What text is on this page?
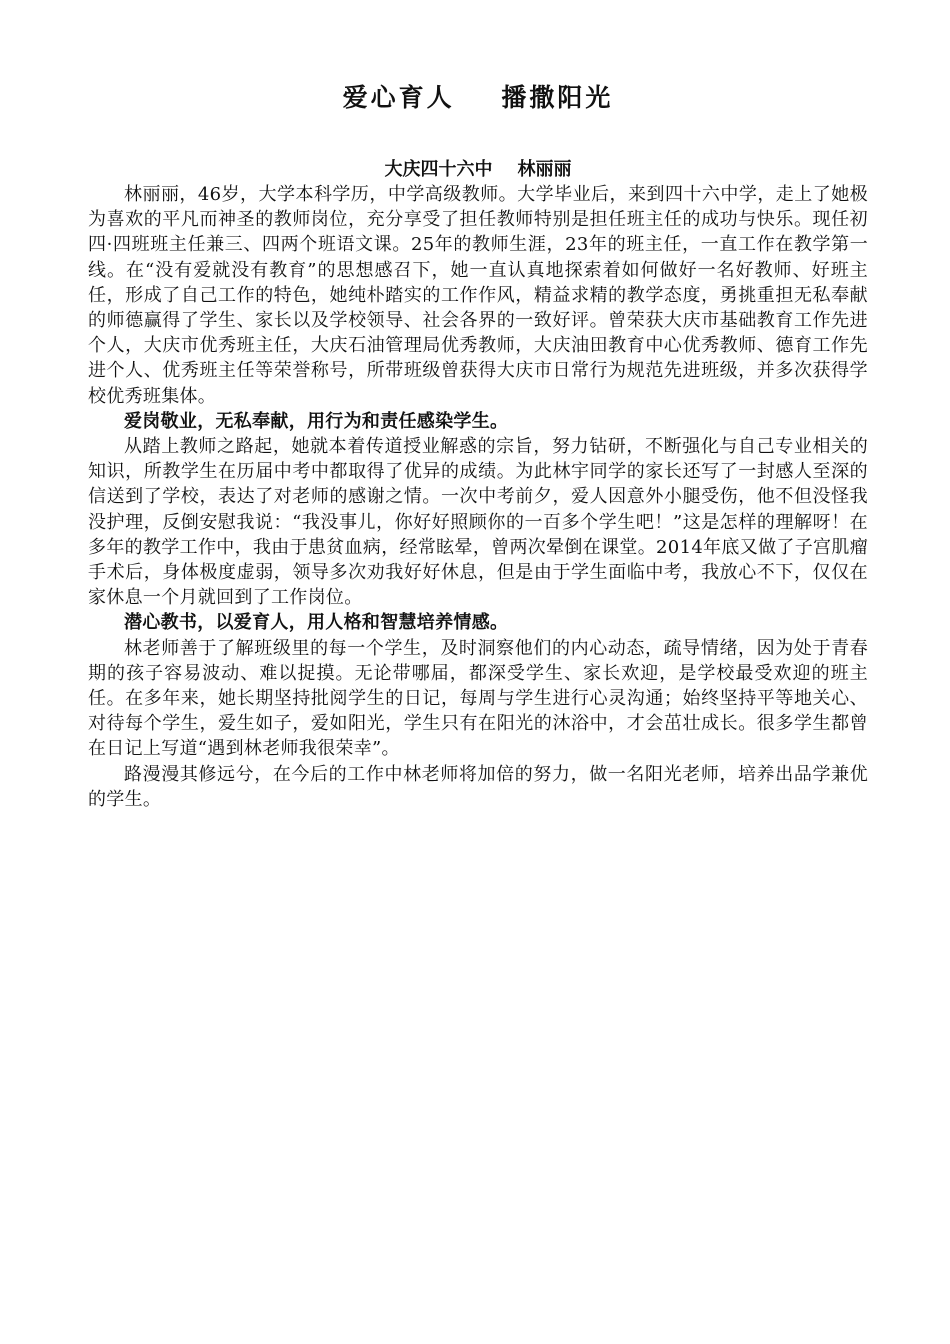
爱心育人    播撒阳光

大庆四十六中    林丽丽

林丽丽，46岁，大学本科学历，中学高级教师。大学毕业后，来到四十六中学，走上了她极为喜欢的平凡而神圣的教师岗位，充分享受了担任教师特别是担任班主任的成功与快乐。现任初四·四班班主任兼三、四两个班语文课。25年的教师生涯，23年的班主任，一直工作在教学第一线。在“没有爱就没有教育”的思想感召下，她一直认真地探索着如何做好一名好教师、好班主任，形成了自己工作的特色，她纯朴踏实的工作作风，精益求精的教学态度，勇挑重担无私奉献的师德赢得了学生、家长以及学校领导、社会各界的一致好评。曾荣获大庆市基础教育工作先进个人，大庆市优秀班主任，大庆石油管理局优秀教师，大庆油田教育中心优秀教师、德育工作先进个人、优秀班主任等荣誉称号，所带班级曾获得大庆市日常行为规范先进班级，并多次获得学校优秀班集体。

爱岗敬业，无私奉献，用行为和责任感染学生。

从踏上教师之路起，她就本着传道授业解惑的宗旨，努力钻研，不断强化与自己专业相关的知识，所教学生在历届中考中都取得了优异的成绩。为此林宇同学的家长还写了一封感人至深的信送到了学校，表达了对老师的感谢之情。一次中考前夕，爱人因意外小腿受伤，他不但没怪我没护理，反倒安慰我说：“我没事儿，你好好照顾你的一百多个学生吧！”这是怎样的理解呀！在多年的教学工作中，我由于患贫血病，经常眩晕，曾两次晕倒在课堂。2014年底又做了子宫肌瘤手术后，身体极度虚弱，领导多次劝我好好休息，但是由于学生面临中考，我放心不下，仅仅在家休息一个月就回到了工作岗位。

潜心教书，以爱育人，用人格和智慧培养情感。

林老师善于了解班级里的每一个学生，及时洞察他们的内心动态，疏导情绪，因为处于青春期的孩子容易波动、难以捉摸。无论带哪届，都深受学生、家长欢迎，是学校最受欢迎的班主任。在多年来，她长期坚持批阅学生的日记，每周与学生进行心灵沟通；始终坚持平等地关心、对待每个学生，爱生如子，爱如阳光，学生只有在阳光的沐浴中，才会茁壮成长。很多学生都曾在日记上写道“遇到林老师我很荣幸”。

路漫漫其修远兮，在今后的工作中林老师将加倍的努力，做一名阳光老师，培养出品学兼优的学生。
